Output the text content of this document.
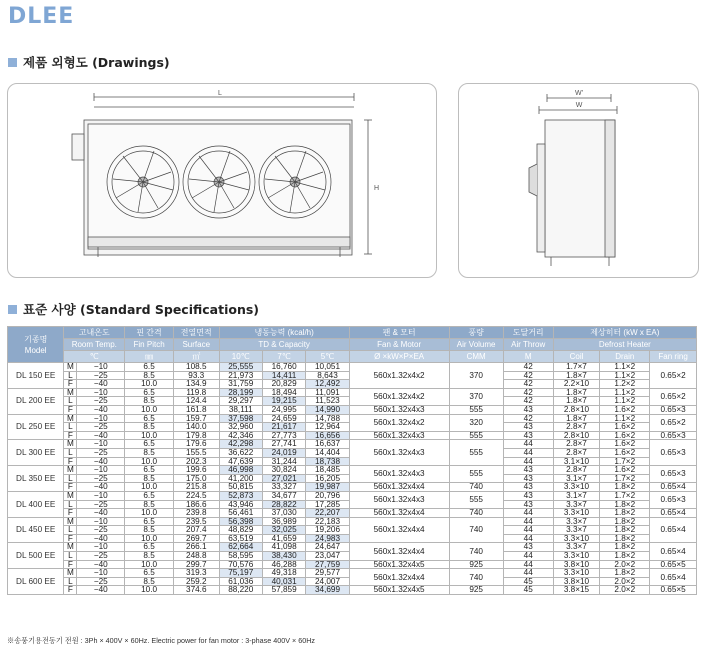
DLEE
제품 외형도 (Drawings)
L
H
W'
W
표준 사양 (Standard Specifications)
기종명
Model	고내온도		핀 간격	전열면적	냉동능력 (kcal/h)			팬 & 모터	풍량	도달거리	제상히터 (kW x EA)		
	Room Temp.		Fin Pitch	Surface	TD & Capacity			Fan & Motor	Air Volume	Air Throw	Defrost Heater		
	℃		㎜	㎡	10℃	7℃	5℃	Ø ×kW×P×EA	CMM	M	Coil	Drain	Fan ring
DL 150 EE	M	−10	6.5	108.5	25,555	16,760	10,051	560x1.32x4x2	370	42	1.7×7	1.1×2	0.65×2
	L	−25	8.5	93.3	21,973	14,411	8,643			42	1.8×7	1.1×2	
	F	−40	10.0	134.9	31,759	20,829	12,492			42	2.2×10	1.2×2	
DL 200 EE	M	−10	6.5	119.8	28,199	18,494	11,091	560x1.32x4x2	370	42	1.8×7	1.1×2	0.65×2
	L	−25	8.5	124.4	29,297	19,215	11,523			42	1.8×7	1.1×2	
	F	−40	10.0	161.8	38,111	24,995	14,990	560x1.32x4x3	555	43	2.8×10	1.6×2	0.65×3
DL 250 EE	M	−10	6.5	159.7	37,598	24,659	14,788	560x1.32x4x2	320	42	1.8×7	1.1×2	0.65×2
	L	−25	8.5	140.0	32,960	21,617	12,964			43	2.8×7	1.6×2	
	F	−40	10.0	179.8	42,346	27,773	16,656	560x1.32x4x3	555	43	2.8×10	1.6×2	0.65×3
DL 300 EE	M	−10	6.5	179.6	42,298	27,741	16,637	560x1.32x4x3	555	44	2.8×7	1.6×2	0.65×3
	L	−25	8.5	155.5	36,622	24,019	14,404			44	2.8×7	1.6×2	
	F	−40	10.0	202.3	47,639	31,244	18,738			44	3.1×10	1.7×2	
DL 350 EE	M	−10	6.5	199.6	46,998	30,824	18,485	560x1.32x4x3	555	43	2.8×7	1.6×2	0.65×3
	L	−25	8.5	175.0	41,200	27,021	16,205			43	3.1×7	1.7×2	
	F	−40	10.0	215.8	50,815	33,327	19,987	560x1.32x4x4	740	43	3.3×10	1.8×2	0.65×4
DL 400 EE	M	−10	6.5	224.5	52,873	34,677	20,796	560x1.32x4x3	555	43	3.1×7	1.7×2	0.65×3
	L	−25	8.5	186.6	43,946	28,822	17,285			43	3.3×7	1.8×2	
	F	−40	10.0	239.8	56,461	37,030	22,207	560x1.32x4x4	740	44	3.3×10	1.8×2	0.65×4
DL 450 EE	M	−10	6.5	239.5	56,398	36,989	22,183	560x1.32x4x4	740	44	3.3×7	1.8×2	0.65×4
	L	−25	8.5	207.4	48,829	32,025	19,206			44	3.3×7	1.8×2	
	F	−40	10.0	269.7	63,519	41,659	24,983			44	3.3×10	1.8×2	
DL 500 EE	M	−10	6.5	266.1	62,664	41,098	24,647	560x1.32x4x4	740	43	3.3×7	1.8×2	0.65×4
	L	−25	8.5	248.8	58,595	38,430	23,047			44	3.3×10	1.8×2	
	F	−40	10.0	299.7	70,576	46,288	27,759	560x1.32x4x5	925	44	3.8×10	2.0×2	0.65×5
DL 600 EE	M	−10	6.5	319.3	75,197	49,318	29,577	560x1.32x4x4	740	44	3.3×10	1.8×2	0.65×4
	L	−25	8.5	259.2	61,036	40,031	24,007			45	3.8×10	2.0×2	
	F	−40	10.0	374.6	88,220	57,859	34,699	560x1.32x4x5	925	45	3.8×15	2.0×2	0.65×5
※송풍기용전동기 전원 : 3Ph × 400V × 60Hz. Electric power for fan motor : 3-phase 400V × 60Hz
